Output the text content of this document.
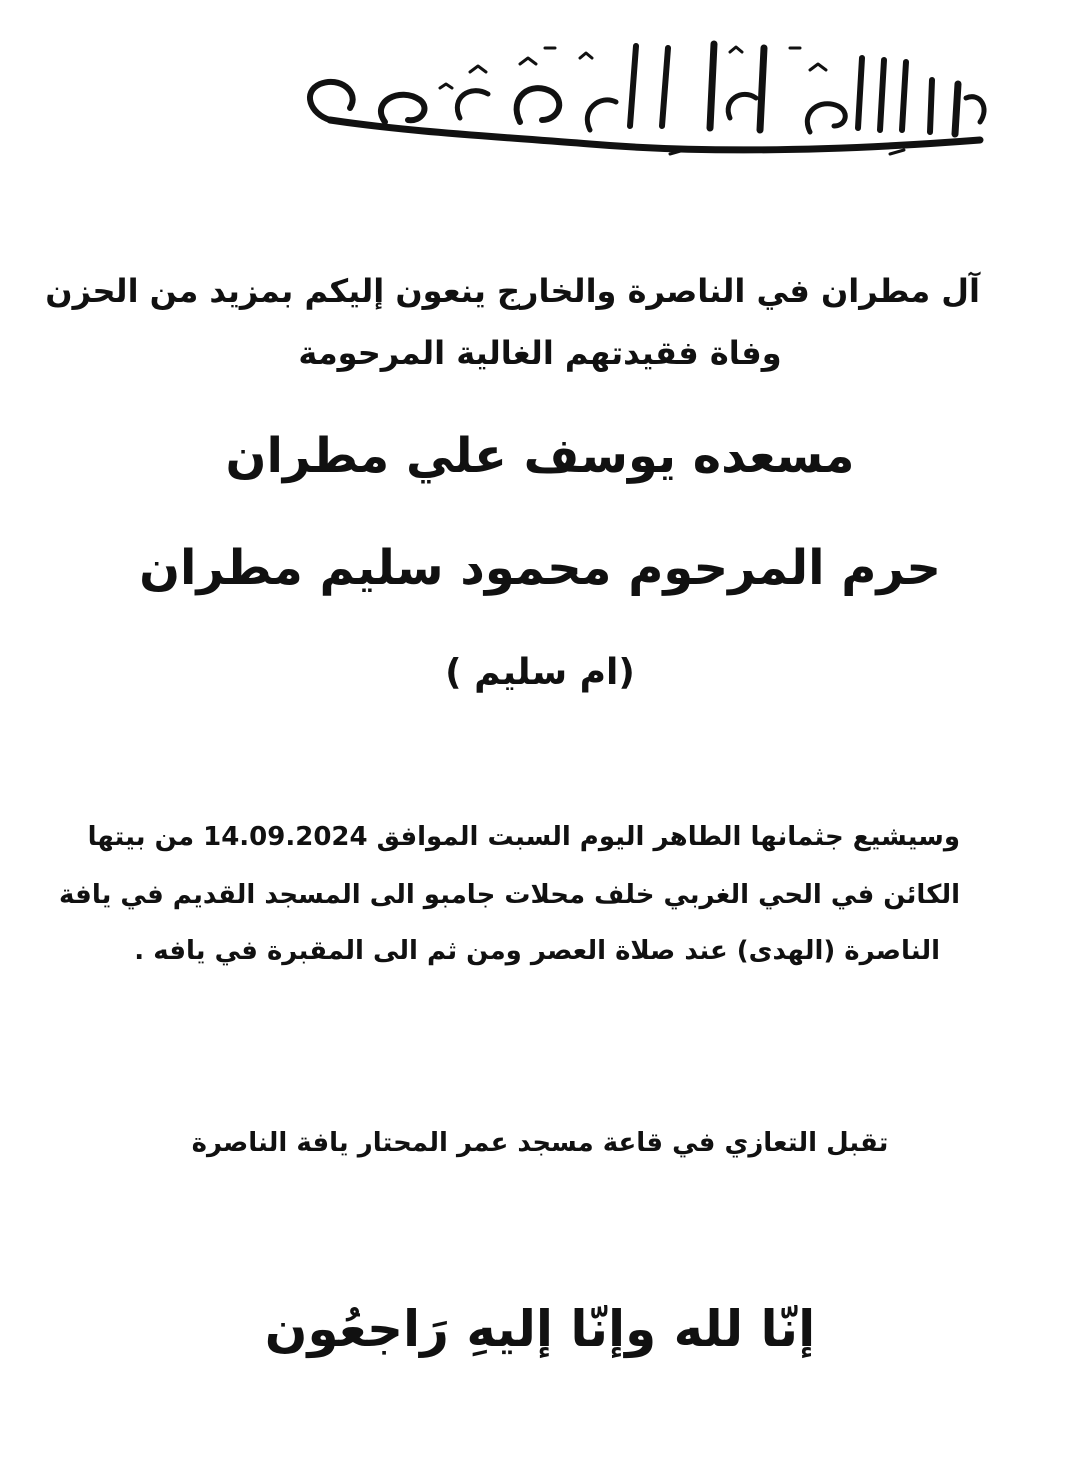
آل مطران في الناصرة والخارج ينعون إليكم بمزيد من الحزن

وفاة فقيدتهم الغالية المرحومة

مسعده يوسف علي مطران

حرم المرحوم محمود سليم مطران

(ام سليم )

وسيشيع جثمانها الطاهر اليوم السبت الموافق 14.09.2024 من بيتها

الكائن في الحي الغربي خلف محلات جامبو الى المسجد القديم في يافة

الناصرة (الهدى) عند صلاة العصر ومن ثم الى المقبرة في يافه .

تقبل التعازي في قاعة مسجد عمر المحتار يافة الناصرة

إنّا لله وإنّا إليهِ رَاجعُون
